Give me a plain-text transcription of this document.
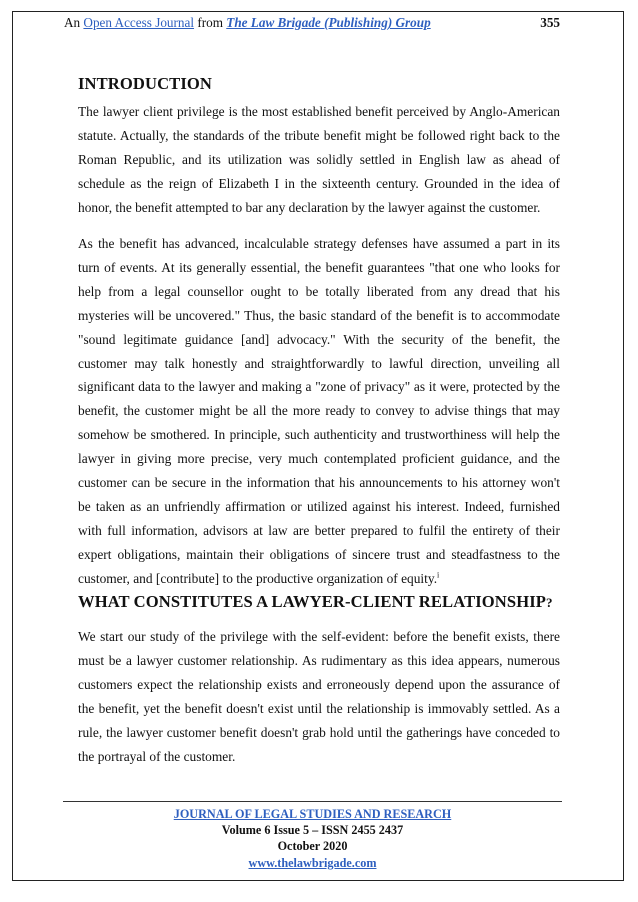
An Open Access Journal from The Law Brigade (Publishing) Group	355
INTRODUCTION

The lawyer client privilege is the most established benefit perceived by Anglo-American statute. Actually, the standards of the tribute benefit might be followed right back to the Roman Republic, and its utilization was solidly settled in English law as ahead of schedule as the reign of Elizabeth I in the sixteenth century. Grounded in the idea of honor, the benefit attempted to bar any declaration by the lawyer against the customer.

As the benefit has advanced, incalculable strategy defenses have assumed a part in its turn of events. At its generally essential, the benefit guarantees "that one who looks for help from a legal counsellor ought to be totally liberated from any dread that his mysteries will be uncovered." Thus, the basic standard of the benefit is to accommodate "sound legitimate guidance [and] advocacy." With the security of the benefit, the customer may talk honestly and straightforwardly to lawful direction, unveiling all significant data to the lawyer and making a "zone of privacy" as it were, protected by the benefit, the customer might be all the more ready to convey to advise things that may somehow be smothered. In principle, such authenticity and trustworthiness will help the lawyer in giving more precise, very much contemplated proficient guidance, and the customer can be secure in the information that his announcements to his attorney won't be taken as an unfriendly affirmation or utilized against his interest. Indeed, furnished with full information, advisors at law are better prepared to fulfil the entirety of their expert obligations, maintain their obligations of sincere trust and steadfastness to the customer, and [contribute] to the productive organization of equity.$^i$

WHAT CONSTITUTES A LAWYER-CLIENT RELATIONSHIP?

We start our study of the privilege with the self-evident: before the benefit exists, there must be a lawyer customer relationship. As rudimentary as this idea appears, numerous customers expect the relationship exists and erroneously depend upon the assurance of the benefit, yet the benefit doesn't exist until the relationship is immovably settled. As a rule, the lawyer customer benefit doesn't grab hold until the gatherings have conceded to the portrayal of the customer.

JOURNAL OF LEGAL STUDIES AND RESEARCH
Volume 6 Issue 5 – ISSN 2455 2437
October 2020
www.thelawbrigade.com
